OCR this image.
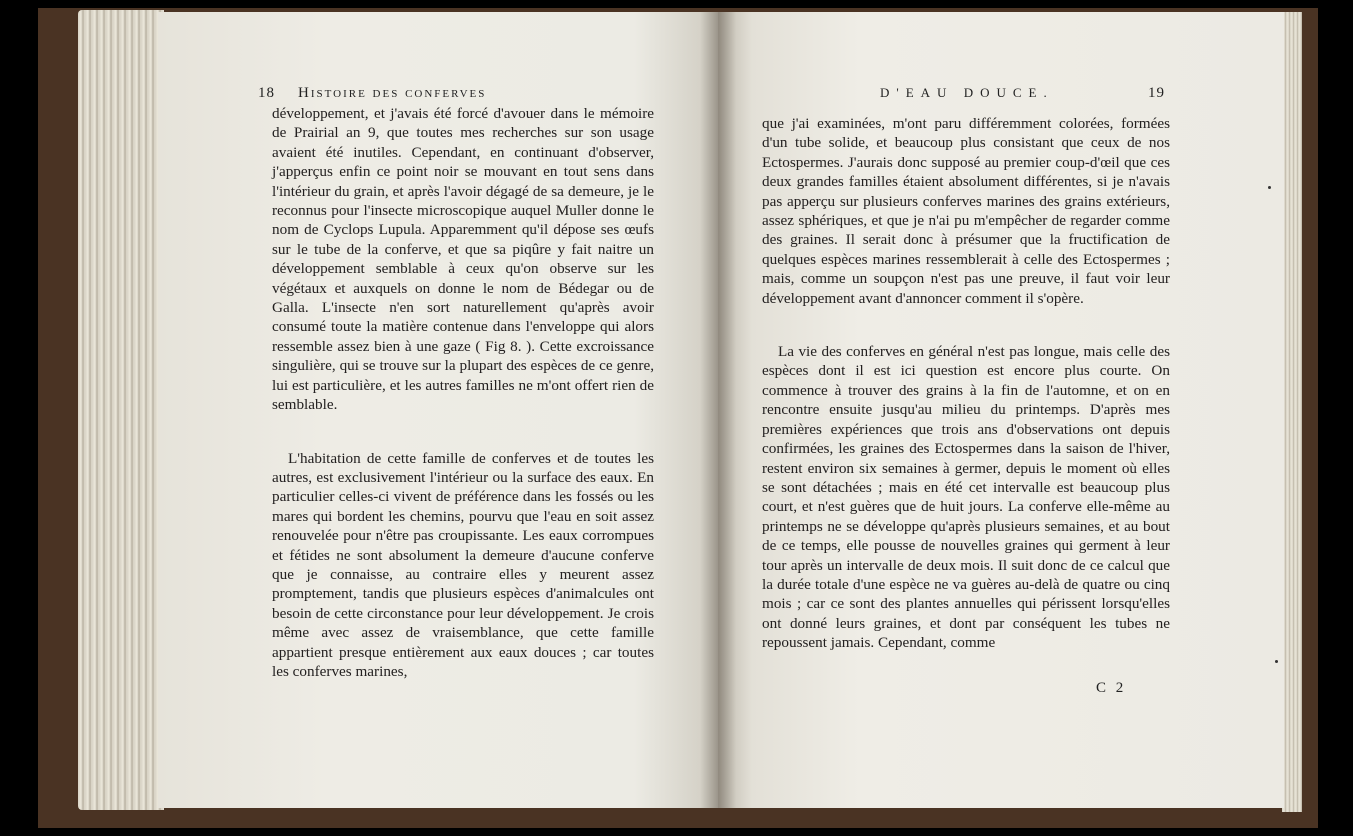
18	Histoire des conferves	D'EAU DOUCE.	19

développement, et j'avais été forcé d'avouer dans le mémoire de Prairial an 9, que toutes mes recherches sur son usage avaient été inutiles. Cependant, en continuant d'observer, j'apperçus enfin ce point noir se mouvant en tout sens dans l'intérieur du grain, et après l'avoir dégagé de sa demeure, je le reconnus pour l'insecte microscopique auquel Muller donne le nom de Cyclops Lupula. Apparemment qu'il dépose ses œufs sur le tube de la conferve, et que sa piqûre y fait naitre un développement semblable à ceux qu'on observe sur les végétaux et auxquels on donne le nom de Bédegar ou de Galla. L'insecte n'en sort naturellement qu'après avoir consumé toute la matière contenue dans l'enveloppe qui alors ressemble assez bien à une gaze ( Fig 8. ). Cette excroissance singulière, qui se trouve sur la plupart des espèces de ce genre, lui est particulière, et les autres familles ne m'ont offert rien de semblable.

L'habitation de cette famille de conferves et de toutes les autres, est exclusivement l'intérieur ou la surface des eaux. En particulier celles-ci vivent de préférence dans les fossés ou les mares qui bordent les chemins, pourvu que l'eau en soit assez renouvelée pour n'être pas croupissante. Les eaux corrompues et fétides ne sont absolument la demeure d'aucune conferve que je connaisse, au contraire elles y meurent assez promptement, tandis que plusieurs espèces d'animalcules ont besoin de cette circonstance pour leur développement. Je crois même avec assez de vraisemblance, que cette famille appartient presque entièrement aux eaux douces ; car toutes les conferves marines,

que j'ai examinées, m'ont paru différemment colorées, formées d'un tube solide, et beaucoup plus consistant que ceux de nos Ectospermes. J'aurais donc supposé au premier coup-d'œil que ces deux grandes familles étaient absolument différentes, si je n'avais pas apperçu sur plusieurs conferves marines des grains extérieurs, assez sphériques, et que je n'ai pu m'empêcher de regarder comme des graines. Il serait donc à présumer que la fructification de quelques espèces marines ressemblerait à celle des Ectospermes ; mais, comme un soupçon n'est pas une preuve, il faut voir leur développement avant d'annoncer comment il s'opère.

La vie des conferves en général n'est pas longue, mais celle des espèces dont il est ici question est encore plus courte. On commence à trouver des grains à la fin de l'automne, et on en rencontre ensuite jusqu'au milieu du printemps. D'après mes premières expériences que trois ans d'observations ont depuis confirmées, les graines des Ectospermes dans la saison de l'hiver, restent environ six semaines à germer, depuis le moment où elles se sont détachées ; mais en été cet intervalle est beaucoup plus court, et n'est guères que de huit jours. La conferve elle-même au printemps ne se développe qu'après plusieurs semaines, et au bout de ce temps, elle pousse de nouvelles graines qui germent à leur tour après un intervalle de deux mois. Il suit donc de ce calcul que la durée totale d'une espèce ne va guères au-delà de quatre ou cinq mois ; car ce sont des plantes annuelles qui périssent lorsqu'elles ont donné leurs graines, et dont par conséquent les tubes ne repoussent jamais. Cependant, comme

C 2
